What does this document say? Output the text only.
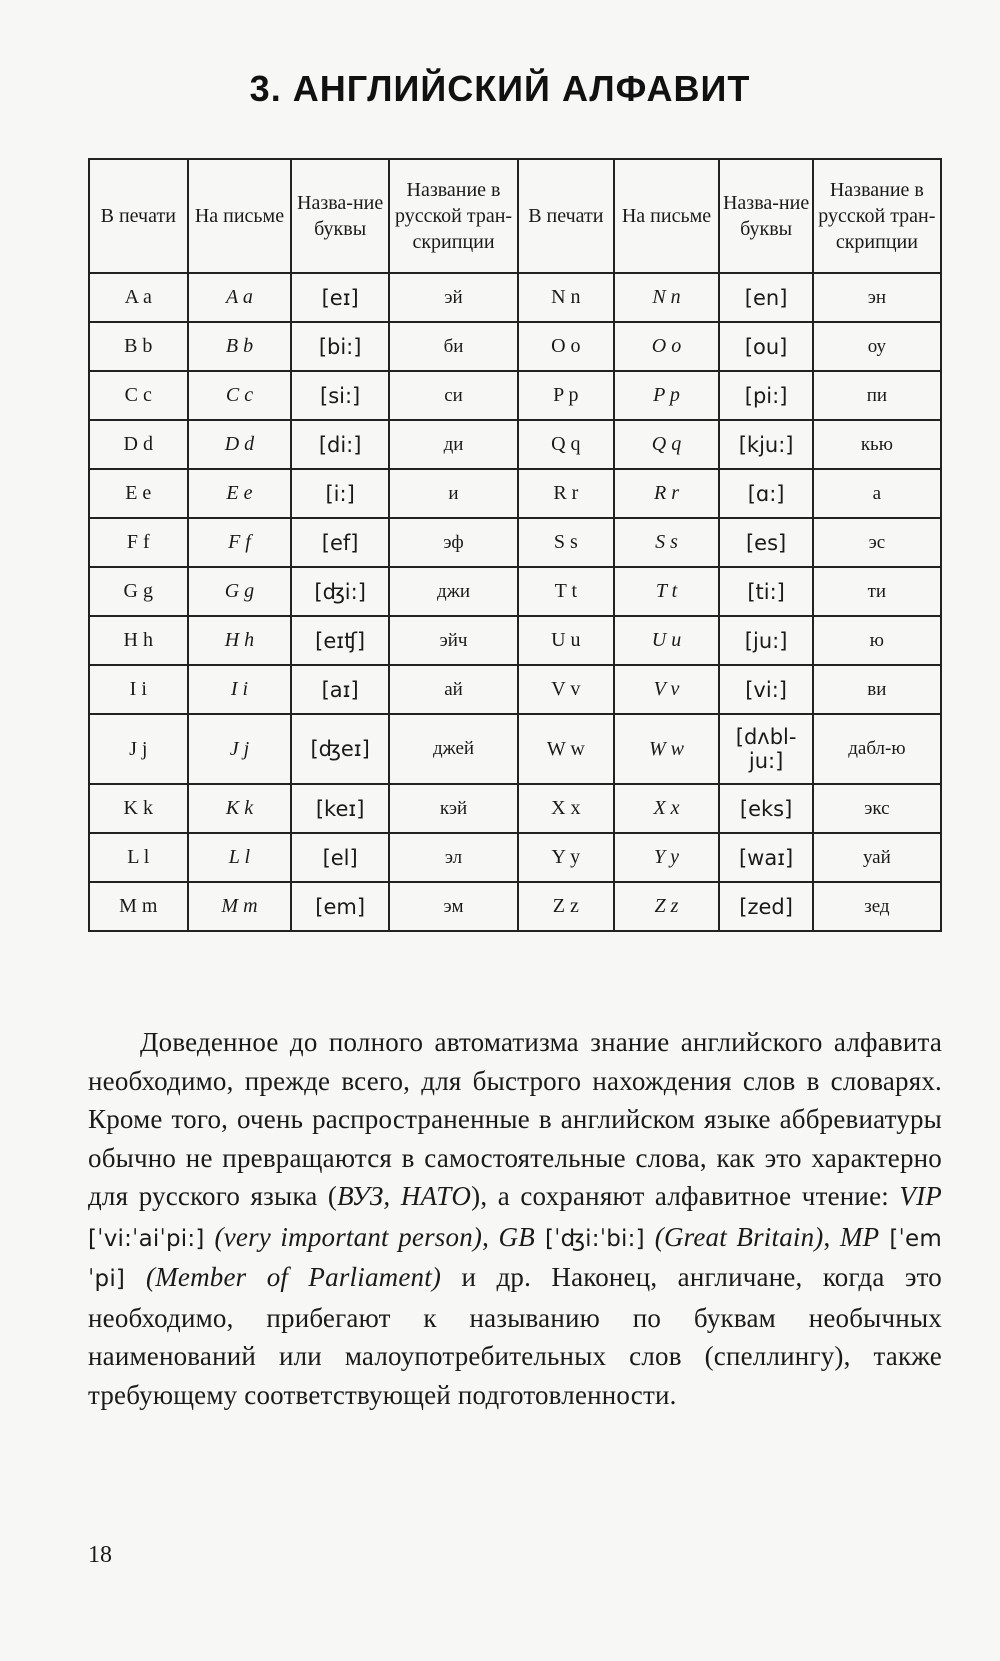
3. АНГЛИЙСКИЙ АЛФАВИТ
В печати	На письме	Назва-ние буквы	Название в русской тран-скрипции	В печати	На письме	Назва-ние буквы	Название в русской тран-скрипции
A a	A a	[eɪ]	эй	N n	N n	[en]	эн
B b	B b	[bi:]	би	O o	O o	[ou]	оу
C c	C c	[si:]	си	P p	P p	[pi:]	пи
D d	D d	[di:]	ди	Q q	Q q	[kju:]	кью
E e	E e	[i:]	и	R r	R r	[ɑ:]	а
F f	F f	[ef]	эф	S s	S s	[es]	эс
G g	G g	[ʤi:]	джи	T t	T t	[ti:]	ти
H h	H h	[eɪʧ]	эйч	U u	U u	[ju:]	ю
I i	I i	[aɪ]	ай	V v	V v	[vi:]	ви
J j	J j	[ʤeɪ]	джей	W w	W w	[dʌbl-ju:]	дабл-ю
K k	K k	[keɪ]	кэй	X x	X x	[eks]	экс
L l	L l	[el]	эл	Y y	Y y	[waɪ]	уай
M m	M m	[em]	эм	Z z	Z z	[zed]	зед

Доведенное до полного автоматизма знание английского алфавита необходимо, прежде всего, для быстрого нахождения слов в словарях. Кроме того, очень распространенные в английском языке аббревиатуры обычно не превращаются в самостоятельные слова, как это характерно для русского языка (ВУЗ, НАТО), а сохраняют алфавитное чтение: VIP [ˈvi:ˈaiˈpi:] (very important person), GB [ˈʤi:ˈbi:] (Great Britain), MP [ˈemˈpi] (Member of Parliament) и др. Наконец, англичане, когда это необходимо, прибегают к называнию по буквам необычных наименований или малоупотребительных слов (спеллингу), также требующему соответствующей подготовленности.

18
